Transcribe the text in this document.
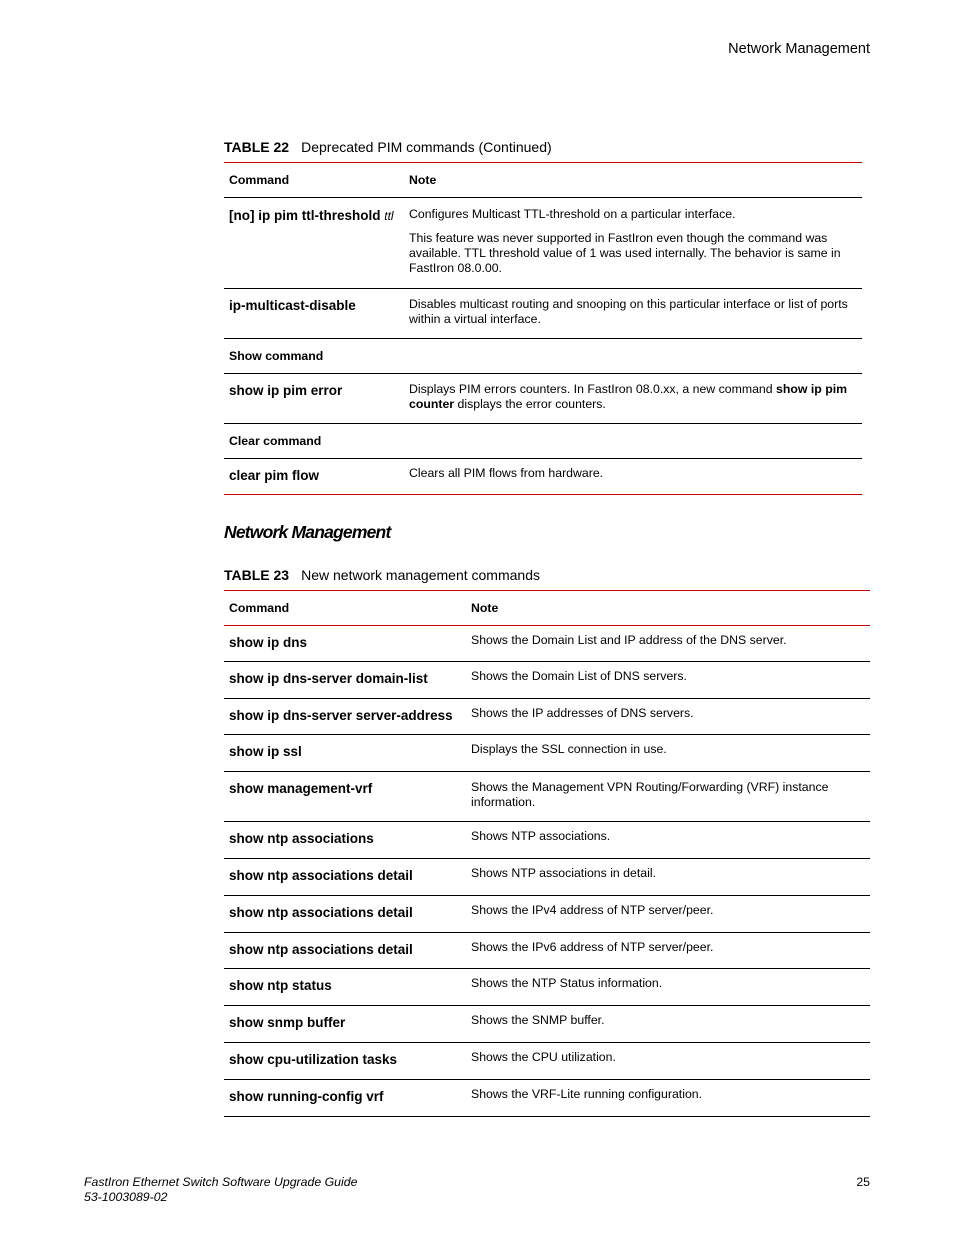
Network Management
TABLE 22 Deprecated PIM commands (Continued)
Command	Note
[no] ip pim ttl-threshold ttl	Configures Multicast TTL-threshold on a particular interface.

This feature was never supported in FastIron even though the command was available. TTL threshold value of 1 was used internally. The behavior is same in FastIron 08.0.00.

ip-multicast-disable	Disables multicast routing and snooping on this particular interface or list of ports within a virtual interface.
Show command	
show ip pim error	Displays PIM errors counters. In FastIron 08.0.xx, a new command show ip pim counter displays the error counters.
Clear command	
clear pim flow	Clears all PIM flows from hardware.
Network Management
TABLE 23 New network management commands
Command	Note
show ip dns	Shows the Domain List and IP address of the DNS server.
show ip dns-server domain-list	Shows the Domain List of DNS servers.
show ip dns-server server-address	Shows the IP addresses of DNS servers.
show ip ssl	Displays the SSL connection in use.
show management-vrf	Shows the Management VPN Routing/Forwarding (VRF) instance information.
show ntp associations	Shows NTP associations.
show ntp associations detail	Shows NTP associations in detail.
show ntp associations detail	Shows the IPv4 address of NTP server/peer.
show ntp associations detail	Shows the IPv6 address of NTP server/peer.
show ntp status	Shows the NTP Status information.
show snmp buffer	Shows the SNMP buffer.
show cpu-utilization tasks	Shows the CPU utilization.
show running-config vrf	Shows the VRF-Lite running configuration.
FastIron Ethernet Switch Software Upgrade Guide
53-1003089-02
25
